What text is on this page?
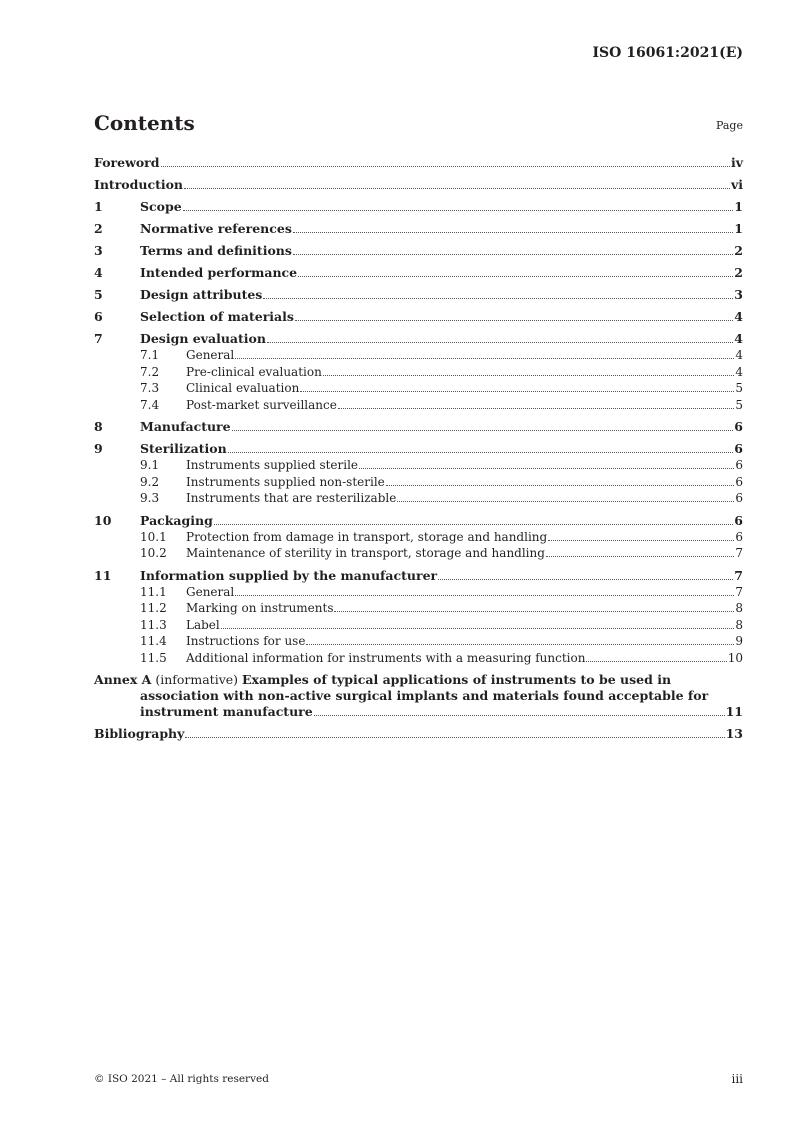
ISO 16061:2021(E)
Contents	Page
Foreword	iv
Introduction	vi
1	Scope	1
2	Normative references	1
3	Terms and definitions	2
4	Intended performance	2
5	Design attributes	3
6	Selection of materials	4
7	Design evaluation	4
7.1	General	4
7.2	Pre-clinical evaluation	4
7.3	Clinical evaluation	5
7.4	Post-market surveillance	5
8	Manufacture	6
9	Sterilization	6
9.1	Instruments supplied sterile	6
9.2	Instruments supplied non-sterile	6
9.3	Instruments that are resterilizable	6
10	Packaging	6
10.1	Protection from damage in transport, storage and handling	6
10.2	Maintenance of sterility in transport, storage and handling	7
11	Information supplied by the manufacturer	7
11.1	General	7
11.2	Marking on instruments	8
11.3	Label	8
11.4	Instructions for use	9
11.5	Additional information for instruments with a measuring function	10
Annex A (informative) Examples of typical applications of instruments to be used in
association with non-active surgical implants and materials found acceptable for
instrument manufacture	11
Bibliography	13
© ISO 2021 – All rights reserved	iii
